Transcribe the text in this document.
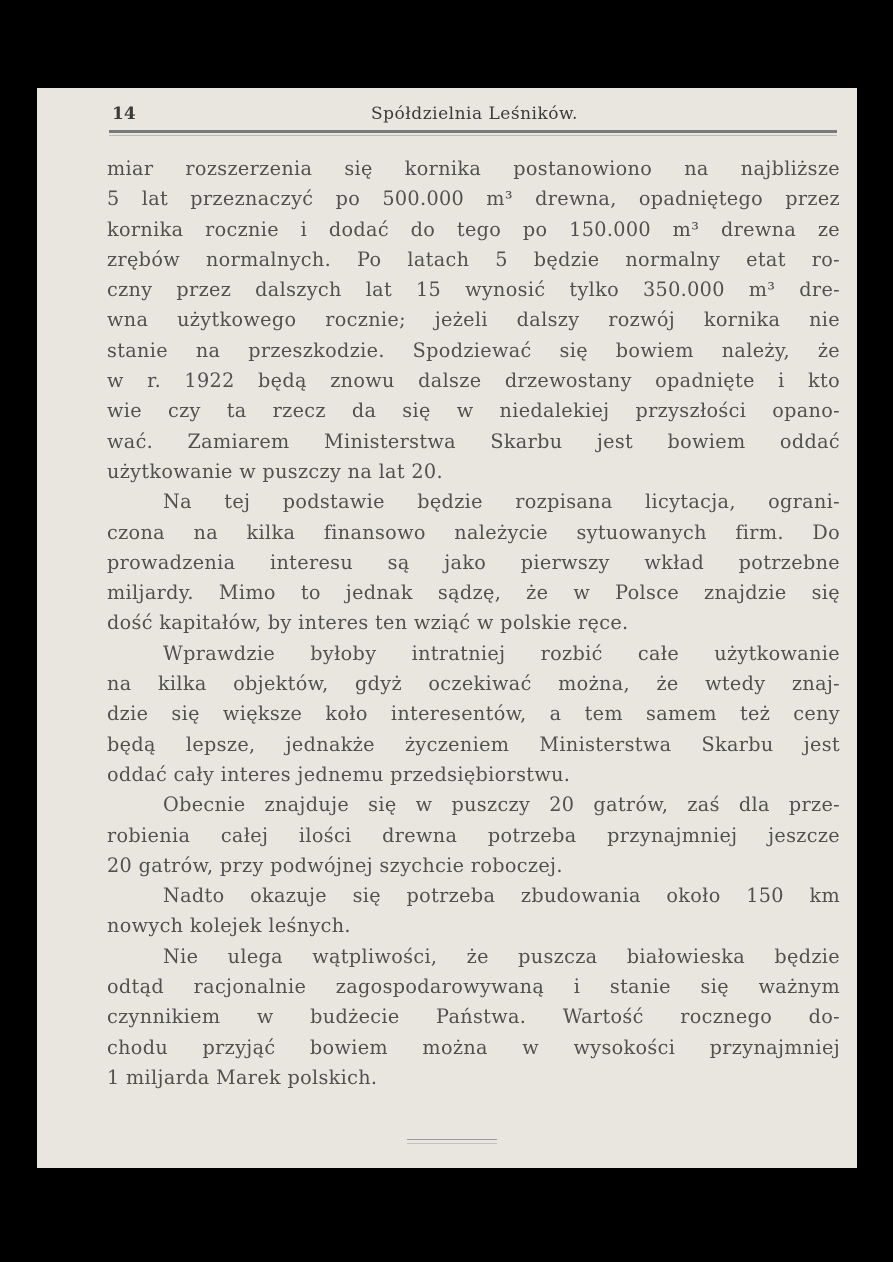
14	Spółdzielnia Leśników.

miar rozszerzenia się kornika postanowiono na najbliższe
5 lat przeznaczyć po 500.000 m³ drewna, opadniętego przez
kornika rocznie i dodać do tego po 150.000 m³ drewna ze
zrębów normalnych. Po latach 5 będzie normalny etat ro-
czny przez dalszych lat 15 wynosić tylko 350.000 m³ dre-
wna użytkowego rocznie; jeżeli dalszy rozwój kornika nie
stanie na przeszkodzie. Spodziewać się bowiem należy, że
w r. 1922 będą znowu dalsze drzewostany opadnięte i kto
wie czy ta rzecz da się w niedalekiej przyszłości opano-
wać. Zamiarem Ministerstwa Skarbu jest bowiem oddać
użytkowanie w puszczy na lat 20.

Na tej podstawie będzie rozpisana licytacja, ograni-
czona na kilka finansowo należycie sytuowanych firm. Do
prowadzenia interesu są jako pierwszy wkład potrzebne
miljardy. Mimo to jednak sądzę, że w Polsce znajdzie się
dość kapitałów, by interes ten wziąć w polskie ręce.

Wprawdzie byłoby intratniej rozbić całe użytkowanie
na kilka objektów, gdyż oczekiwać można, że wtedy znaj-
dzie się większe koło interesentów, a tem samem też ceny
będą lepsze, jednakże życzeniem Ministerstwa Skarbu jest
oddać cały interes jednemu przedsiębiorstwu.

Obecnie znajduje się w puszczy 20 gatrów, zaś dla prze-
robienia całej ilości drewna potrzeba przynajmniej jeszcze
20 gatrów, przy podwójnej szychcie roboczej.

Nadto okazuje się potrzeba zbudowania około 150 km
nowych kolejek leśnych.

Nie ulega wątpliwości, że puszcza białowieska będzie
odtąd racjonalnie zagospodarowywaną i stanie się ważnym
czynnikiem w budżecie Państwa. Wartość rocznego do-
chodu przyjąć bowiem można w wysokości przynajmniej
1 miljarda Marek polskich.
